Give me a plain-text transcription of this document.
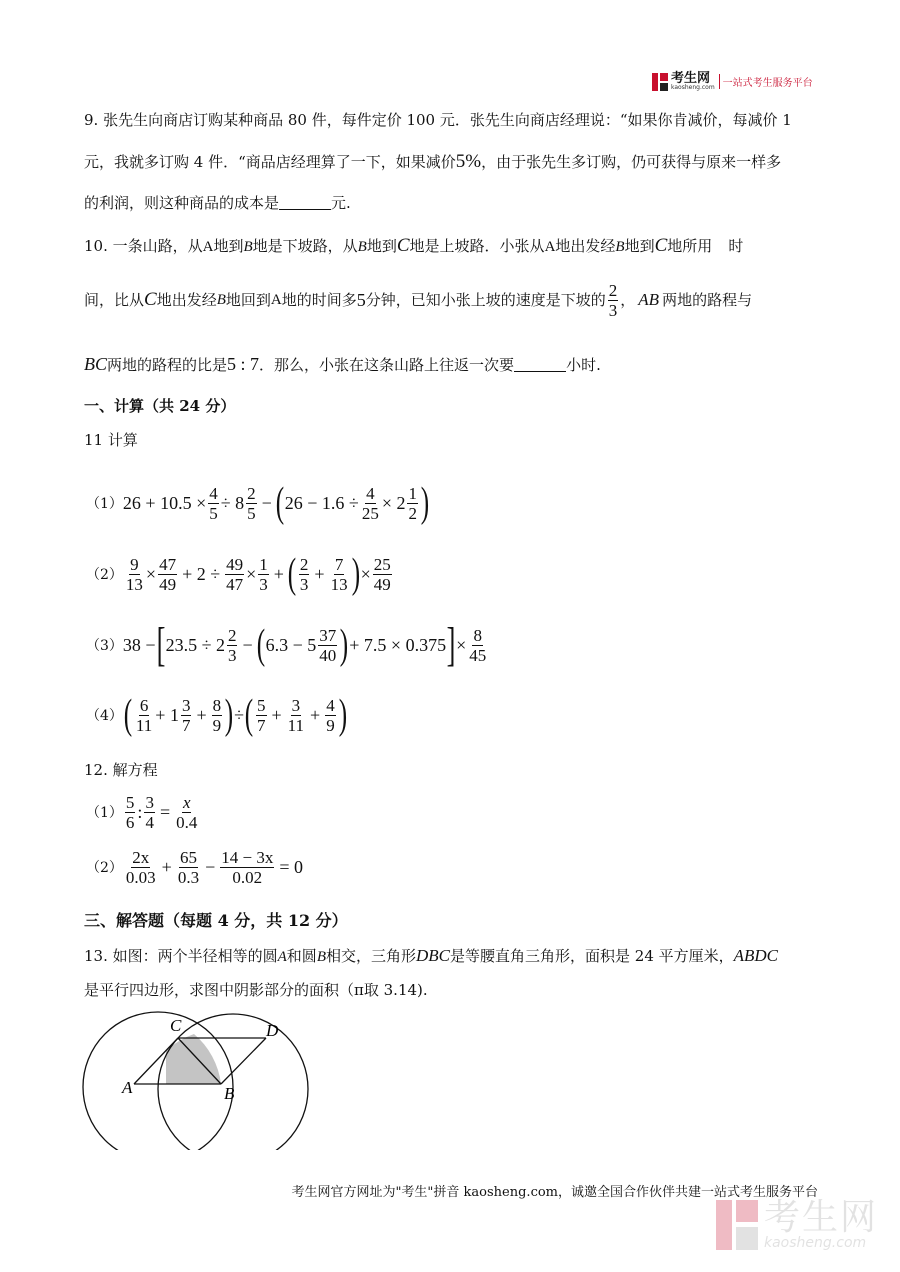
考生网
kaosheng.com 一站式考生服务平台
9. 张先生向商店订购某种商品 80 件，每件定价 100 元．张先生向商店经理说：“如果你肯减价，每减价 1
元，我就多订购 4 件．“商品店经理算了一下，如果减价5%，由于张先生多订购，仍可获得与原来一样多
的利润，则这种商品的成本是	元.
10. 一条山路，从A地到B地是下坡路，从B地到C地是上坡路．小张从A地出发经B地到C地所用 时
间，比从 C 地出发经 B 地回到 A 地的时间多 5 分钟，已知小张上坡的速度是下坡的 $\frac{2}{3}$ ， AB 两地的路程与
BC两地的路程的比是5 : 7．那么，小张在这条山路上往返一次要	小时.
一、计算（共 24 分）
11 计算
（1） $26 + 10.5 \times \frac{4}{5} \div 8 \frac{2}{5}$ − ( $26 - 1.6 \div \frac{4}{25} \times 2 \frac{1}{2}$ )
$(2) \frac{9}{13} \times \frac{47}{49} + 2 \div \frac{49}{47} \times \frac{1}{3}$ + ( $\frac{2}{3} + \frac{7}{13}$ ) × $\frac{25}{49}$
（3） 38 − [ $23.5 \div 2 \frac{2}{3}$ − ( $6.3 - 5 \frac{37}{40}$ ) + 7.5 × 0.375 ] × $\frac{8}{45}$
（4） ( $\frac{6}{11} + 1 \frac{3}{7} + \frac{8}{9}$ ) ÷ ( $\frac{5}{7} + \frac{3}{11} + \frac{4}{9}$ )
12. 解方程
$(1) \frac{5}{6}$ : $\frac{3}{4} = \frac{x}{0.4}$
$(2) \frac{2x}{0.03} + \frac{65}{0.3} - \frac{14 - 3x}{0.02} = 0$
三、解答题（每题 4 分，共 12 分）
13. 如图：两个半径相等的圆A和圆B相交，三角形DBC是等腰直角三角形，面积是 24 平方厘米，ABDC
是平行四边形，求图中阴影部分的面积（π取 3.14).
A	B
C	D
考生网官方网址为"考生"拼音 kaosheng.com，诚邀全国合作伙伴共建一站式考生服务平台
考生网
kaosheng.com
